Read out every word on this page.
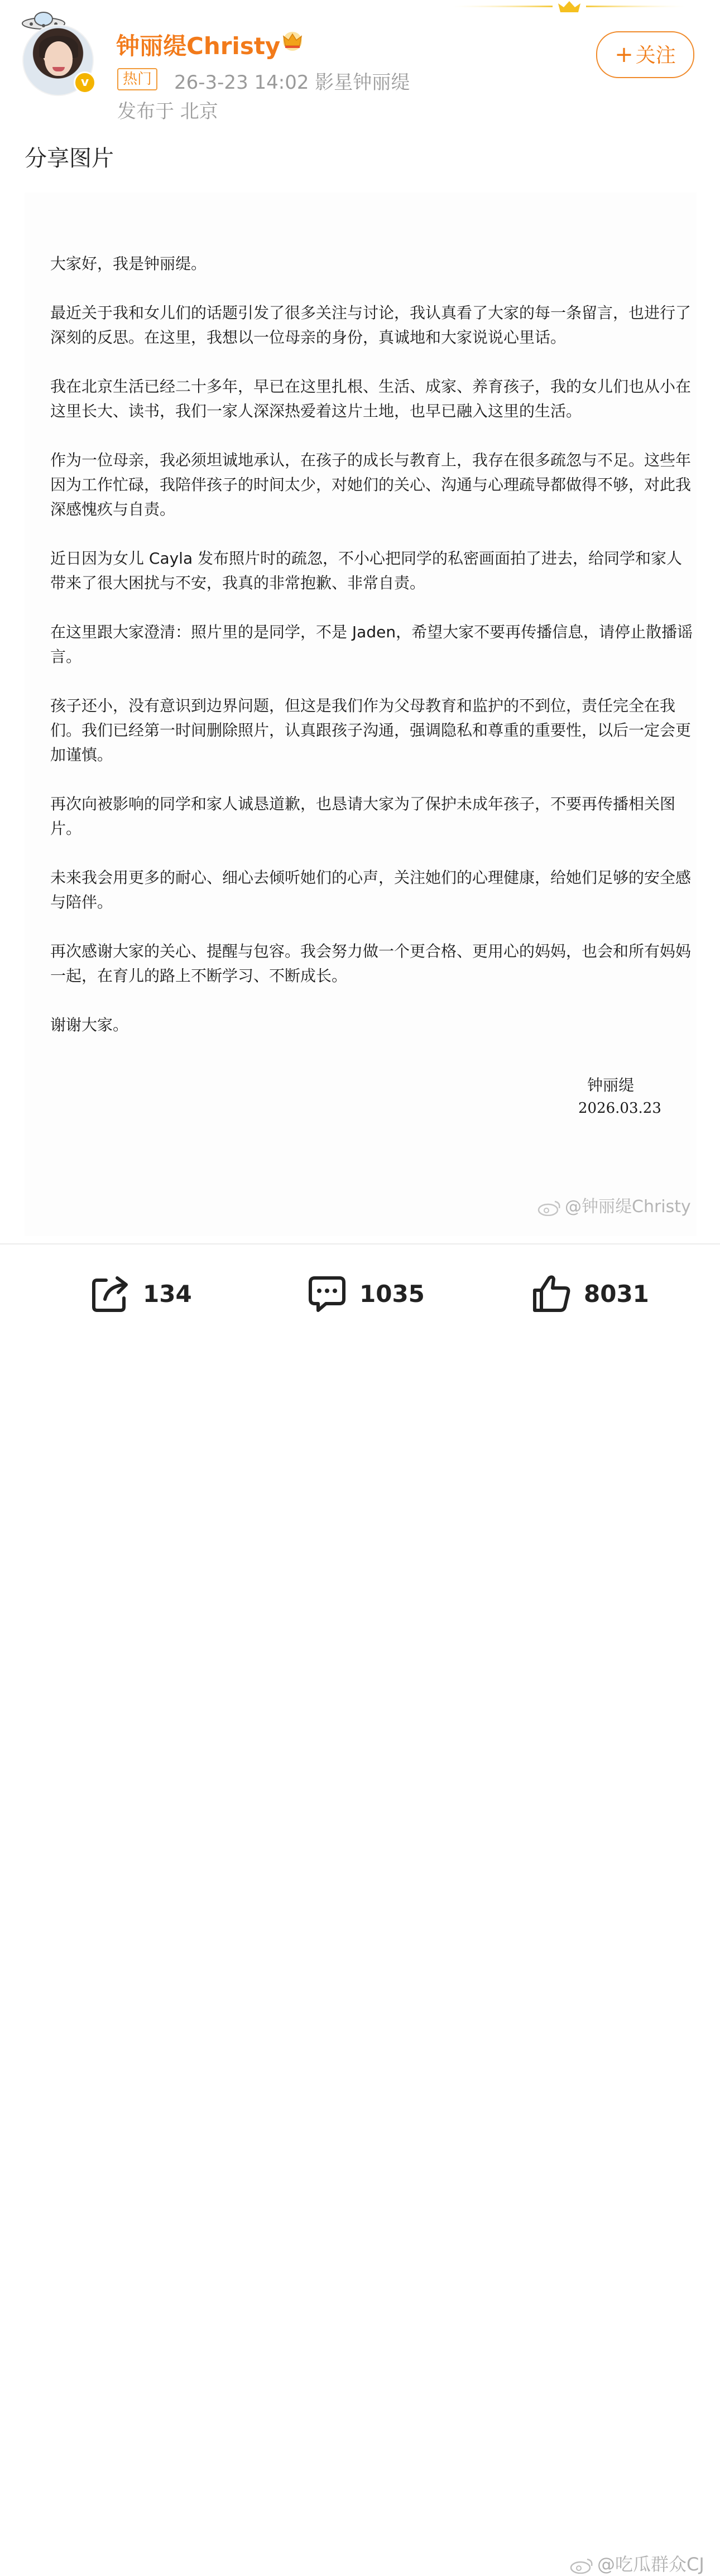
v
钟丽缇Christy
热门 26-3-23 14:02 影星钟丽缇
发布于 北京
+ 关注
分享图片

大家好，我是钟丽缇。

最近关于我和女儿们的话题引发了很多关注与讨论，我认真看了大家的每一条留言，也进行了深刻的反思。在这里，我想以一位母亲的身份，真诚地和大家说说心里话。

我在北京生活已经二十多年，早已在这里扎根、生活、成家、养育孩子，我的女儿们也从小在这里长大、读书，我们一家人深深热爱着这片土地，也早已融入这里的生活。

作为一位母亲，我必须坦诚地承认，在孩子的成长与教育上，我存在很多疏忽与不足。这些年因为工作忙碌，我陪伴孩子的时间太少，对她们的关心、沟通与心理疏导都做得不够，对此我深感愧疚与自责。

近日因为女儿 Cayla 发布照片时的疏忽，不小心把同学的私密画面拍了进去，给同学和家人带来了很大困扰与不安，我真的非常抱歉、非常自责。

在这里跟大家澄清：照片里的是同学，不是 Jaden，希望大家不要再传播信息，请停止散播谣言。

孩子还小，没有意识到边界问题，但这是我们作为父母教育和监护的不到位，责任完全在我们。我们已经第一时间删除照片，认真跟孩子沟通，强调隐私和尊重的重要性，以后一定会更加谨慎。

再次向被影响的同学和家人诚恳道歉，也恳请大家为了保护未成年孩子，不要再传播相关图片。

未来我会用更多的耐心、细心去倾听她们的心声，关注她们的心理健康，给她们足够的安全感与陪伴。

再次感谢大家的关心、提醒与包容。我会努力做一个更合格、更用心的妈妈，也会和所有妈妈一起，在育儿的路上不断学习、不断成长。

谢谢大家。

钟丽缇
2026.03.23
@钟丽缇Christy
134	1035	8031
@吃瓜群众CJ
